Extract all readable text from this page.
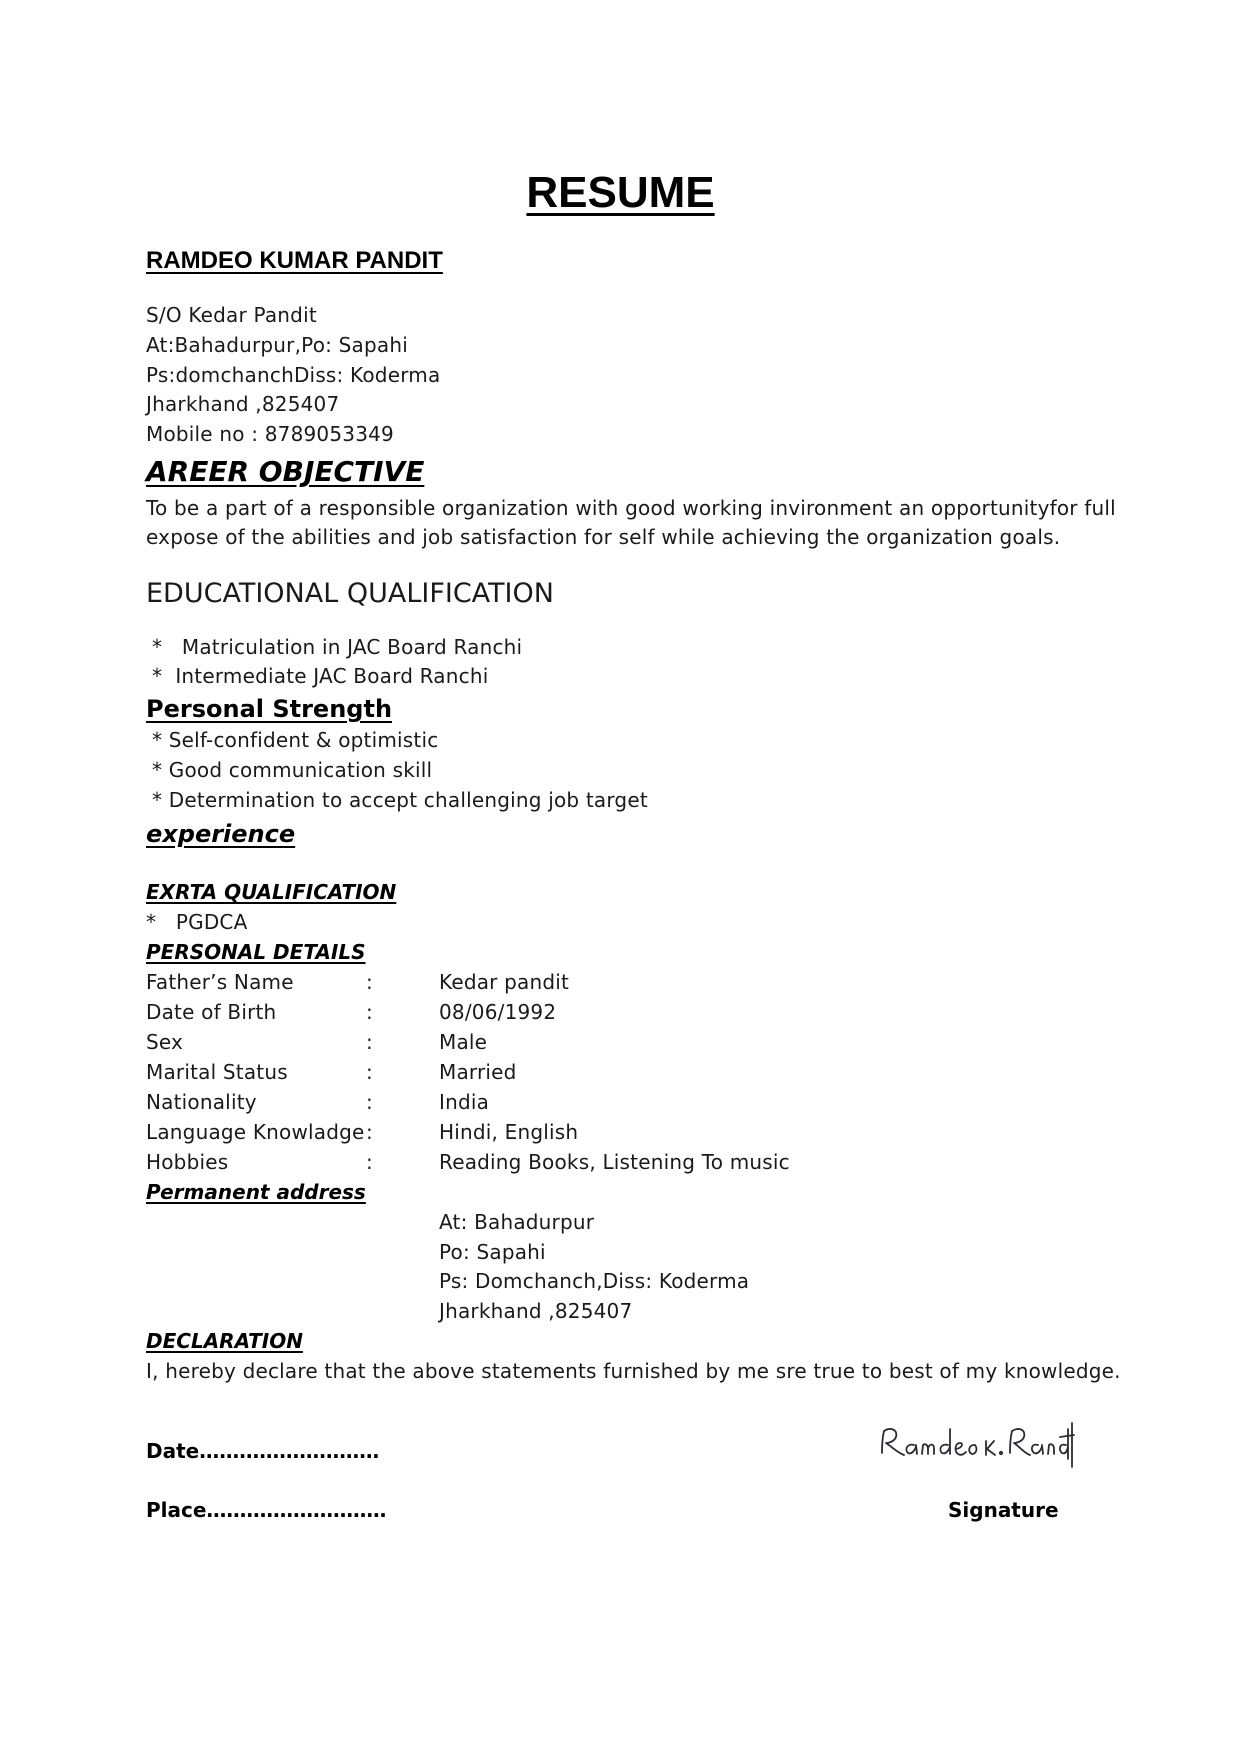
RESUME
RAMDEO KUMAR PANDIT
S/O Kedar Pandit
At:Bahadurpur,Po: Sapahi
Ps:domchanchDiss: Koderma
Jharkhand ,825407
Mobile no : 8789053349
AREER OBJECTIVE
To be a part of a responsible organization with good working invironment an opportunityfor full
expose of the abilities and job satisfaction for self while achieving the organization goals.
EDUCATIONAL QUALIFICATION
*   Matriculation in JAC Board Ranchi
*  Intermediate JAC Board Ranchi
Personal Strength
* Self-confident & optimistic
* Good communication skill
* Determination to accept challenging job target
experience
EXRTA QUALIFICATION
*   PGDCA
PERSONAL DETAILS
Father’s Name	:	Kedar pandit
Date of Birth	:	08/06/1992
Sex	:	Male
Marital Status	:	Married
Nationality	:	India
Language Knowladge :	Hindi, English
Hobbies	:	Reading Books, Listening To music
Permanent address
At: Bahadurpur
Po: Sapahi
Ps: Domchanch,Diss: Koderma
Jharkhand ,825407
DECLARATION
I, hereby declare that the above statements furnished by me sre true to best of my knowledge.
Date………………………
Place………………………	Signature
